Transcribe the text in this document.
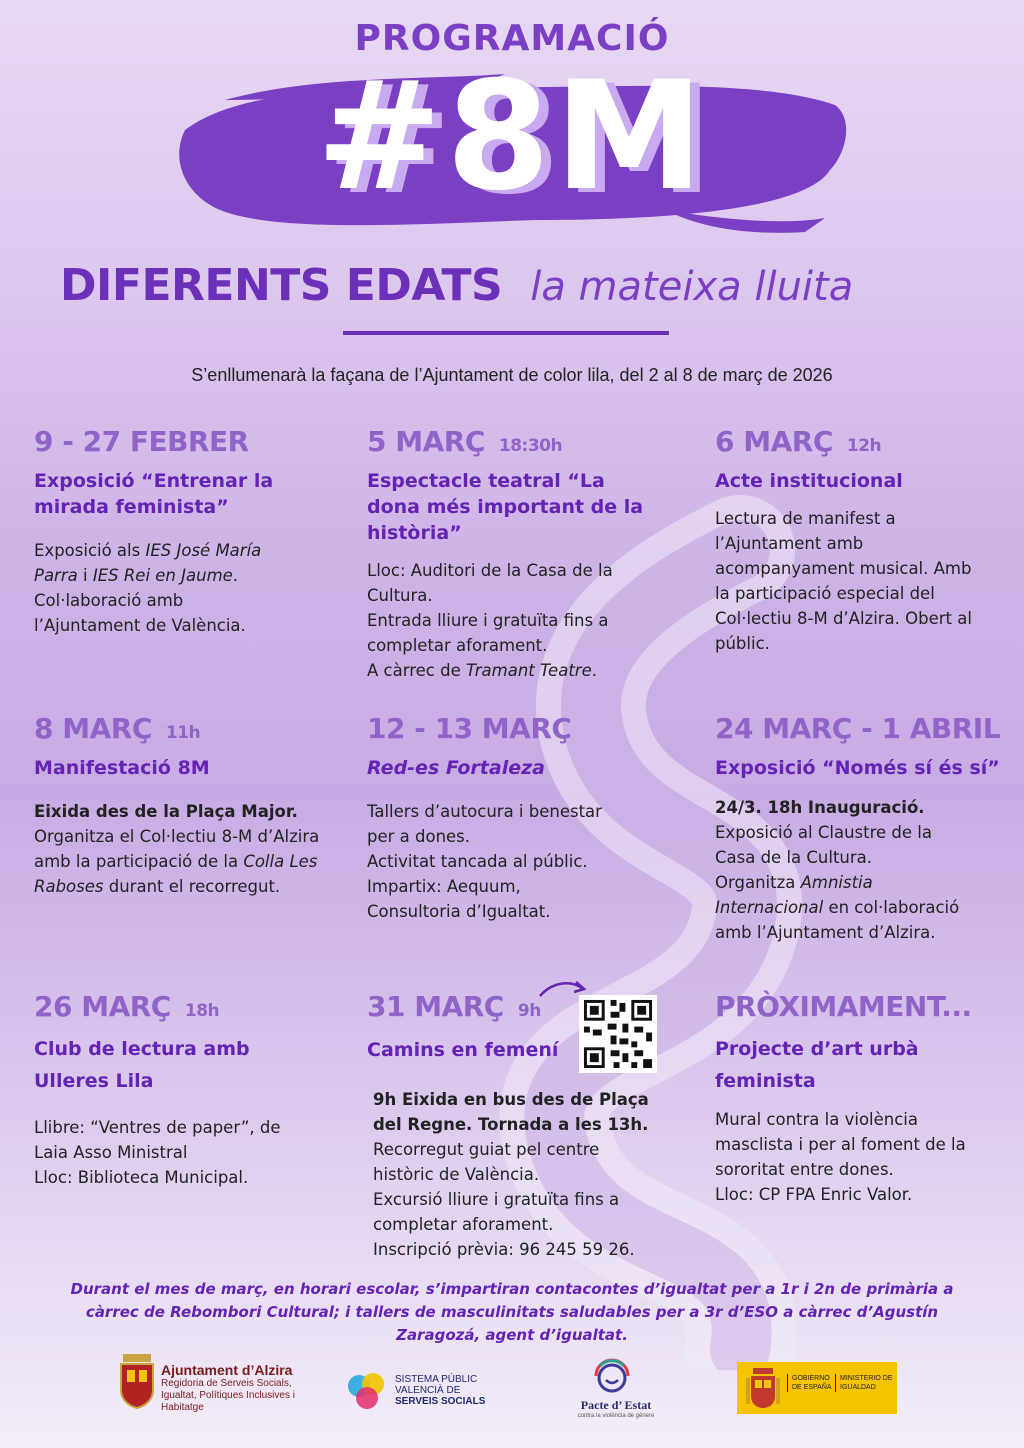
PROGRAMACIÓ
#8M
DIFERENTS EDATS la mateixa lluita
S’enllumenarà la façana de l’Ajuntament de color lila, del 2 al 8 de març de 2026
9 - 27 FEBRER
Exposició “Entrenar la mirada feminista”
Exposició als IES José María Parra i IES Rei en Jaume. Col·laboració amb l’Ajuntament de València.
5 MARÇ 18:30h
Espectacle teatral “La dona més important de la història”
Lloc: Auditori de la Casa de la Cultura.
Entrada lliure i gratuïta fins a completar aforament.
A càrrec de Tramant Teatre.
6 MARÇ 12h
Acte institucional
Lectura de manifest a l’Ajuntament amb acompanyament musical. Amb la participació especial del Col·lectiu 8-M d’Alzira. Obert al públic.
8 MARÇ 11h
Manifestació 8M
Eixida des de la Plaça Major.
Organitza el Col·lectiu 8-M d’Alzira amb la participació de la Colla Les Raboses durant el recorregut.
12 - 13 MARÇ
Red-es Fortaleza
Tallers d’autocura i benestar per a dones.
Activitat tancada al públic.
Impartix: Aequum, Consultoria d’Igualtat.
24 MARÇ - 1 ABRIL
Exposició “Només sí és sí”
24/3. 18h Inauguració.
Exposició al Claustre de la Casa de la Cultura.
Organitza Amnistia Internacional en col·laboració amb l’Ajuntament d’Alzira.
26 MARÇ 18h
Club de lectura amb Ulleres Lila
Llibre: “Ventres de paper”, de Laia Asso Ministral
Lloc: Biblioteca Municipal.
31 MARÇ 9h
Camins en femení
9h Eixida en bus des de Plaça del Regne. Tornada a les 13h.
Recorregut guiat pel centre històric de València.
Excursió lliure i gratuïta fins a completar aforament.
Inscripció prèvia: 96 245 59 26.
PRÒXIMAMENT...
Projecte d’art urbà feminista
Mural contra la violència masclista i per al foment de la sororitat entre dones.
Lloc: CP FPA Enric Valor.
Durant el mes de març, en horari escolar, s’impartiran contacontes d’igualtat per a 1r i 2n de primària a càrrec de Rebombori Cultural; i tallers de masculinitats saludables per a 3r d’ESO a càrrec d’Agustín Zaragozá, agent d’igualtat.
Ajuntament d’Alzira
Regidoria de Serveis Socials, Igualtat, Polítiques Inclusives i Habitatge
SISTEMA PÚBLIC
VALENCIÀ DE
SERVEIS SOCIALS	Pacte d’ Estat
contra la violència de gènere
GOBIERNO DE ESPAÑA
MINISTERIO DE IGUALDAD
